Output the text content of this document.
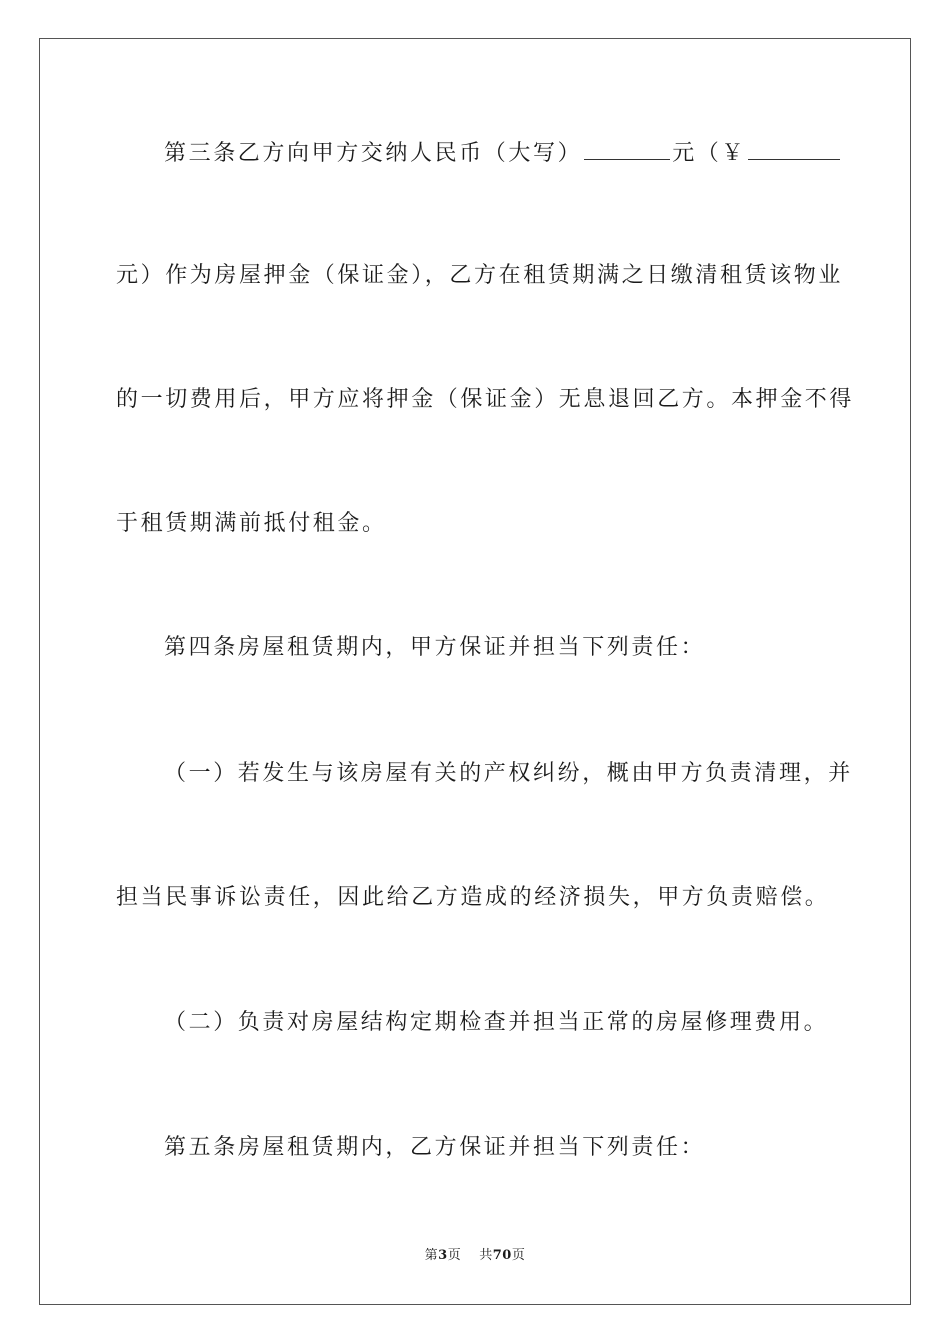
第三条乙方向甲方交纳人民币（大写）	元（￥
元）作为房屋押金（保证金），乙方在租赁期满之日缴清租赁该物业
的一切费用后，甲方应将押金（保证金）无息退回乙方。本押金不得
于租赁期满前抵付租金。
第四条房屋租赁期内，甲方保证并担当下列责任：
（一）若发生与该房屋有关的产权纠纷，概由甲方负责清理，并
担当民事诉讼责任，因此给乙方造成的经济损失，甲方负责赔偿。
（二）负责对房屋结构定期检查并担当正常的房屋修理费用。
第五条房屋租赁期内，乙方保证并担当下列责任：
第3页 共70页
